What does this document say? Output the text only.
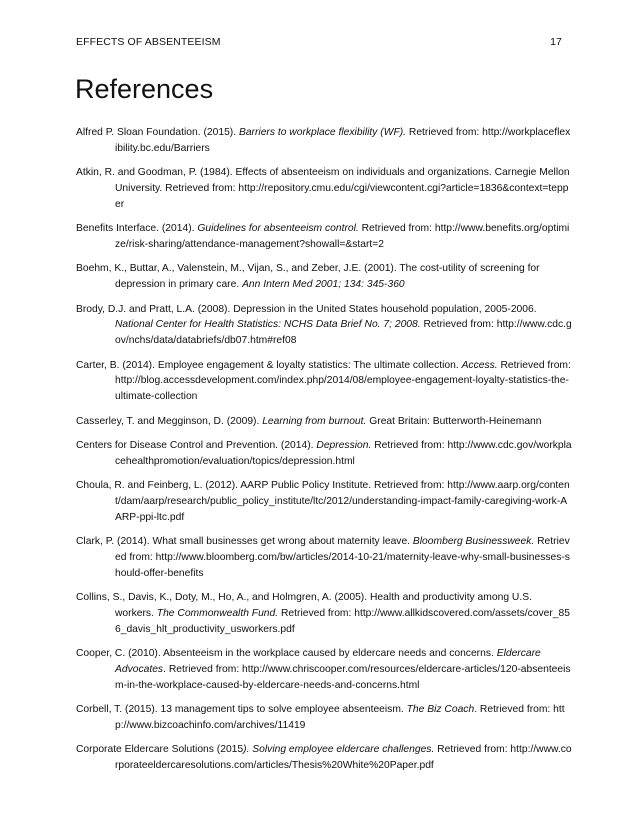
EFFECTS OF ABSENTEEISM	17
References

Alfred P. Sloan Foundation. (2015). Barriers to workplace flexibility (WF). Retrieved from: http://workplaceflexibility.bc.edu/Barriers

Atkin, R. and Goodman, P. (1984). Effects of absenteeism on individuals and organizations. Carnegie Mellon University. Retrieved from: http://repository.cmu.edu/cgi/viewcontent.cgi?article=1836&context=tepper

Benefits Interface. (2014). Guidelines for absenteeism control. Retrieved from: http://www.benefits.org/optimize/risk-sharing/attendance-management?showall=&start=2

Boehm, K., Buttar, A., Valenstein, M., Vijan, S., and Zeber, J.E. (2001). The cost-utility of screening for depression in primary care. Ann Intern Med 2001; 134: 345-360

Brody, D.J. and Pratt, L.A. (2008). Depression in the United States household population, 2005-2006. National Center for Health Statistics: NCHS Data Brief No. 7; 2008. Retrieved from: http://www.cdc.gov/nchs/data/databriefs/db07.htm#ref08

Carter, B. (2014). Employee engagement & loyalty statistics: The ultimate collection. Access. Retrieved from: http://blog.accessdevelopment.com/index.php/2014/08/employee-engagement-loyalty-statistics-the-ultimate-collection

Casserley, T. and Megginson, D. (2009). Learning from burnout. Great Britain: Butterworth-Heinemann

Centers for Disease Control and Prevention. (2014). Depression. Retrieved from: http://www.cdc.gov/workplacehealthpromotion/evaluation/topics/depression.html

Choula, R. and Feinberg, L. (2012). AARP Public Policy Institute. Retrieved from: http://www.aarp.org/content/dam/aarp/research/public_policy_institute/ltc/2012/understanding-impact-family-caregiving-work-AARP-ppi-ltc.pdf

Clark, P. (2014). What small businesses get wrong about maternity leave. Bloomberg Businessweek. Retrieved from: http://www.bloomberg.com/bw/articles/2014-10-21/maternity-leave-why-small-businesses-should-offer-benefits

Collins, S., Davis, K., Doty, M., Ho, A., and Holmgren, A. (2005). Health and productivity among U.S. workers. The Commonwealth Fund. Retrieved from: http://www.allkidscovered.com/assets/cover_856_davis_hlt_productivity_usworkers.pdf

Cooper, C. (2010). Absenteeism in the workplace caused by eldercare needs and concerns. Eldercare Advocates. Retrieved from: http://www.chriscooper.com/resources/eldercare-articles/120-absenteeism-in-the-workplace-caused-by-eldercare-needs-and-concerns.html

Corbell, T. (2015). 13 management tips to solve employee absenteeism. The Biz Coach. Retrieved from: http://www.bizcoachinfo.com/archives/11419

Corporate Eldercare Solutions (2015). Solving employee eldercare challenges. Retrieved from: http://www.corporateeldercaresolutions.com/articles/Thesis%20White%20Paper.pdf
